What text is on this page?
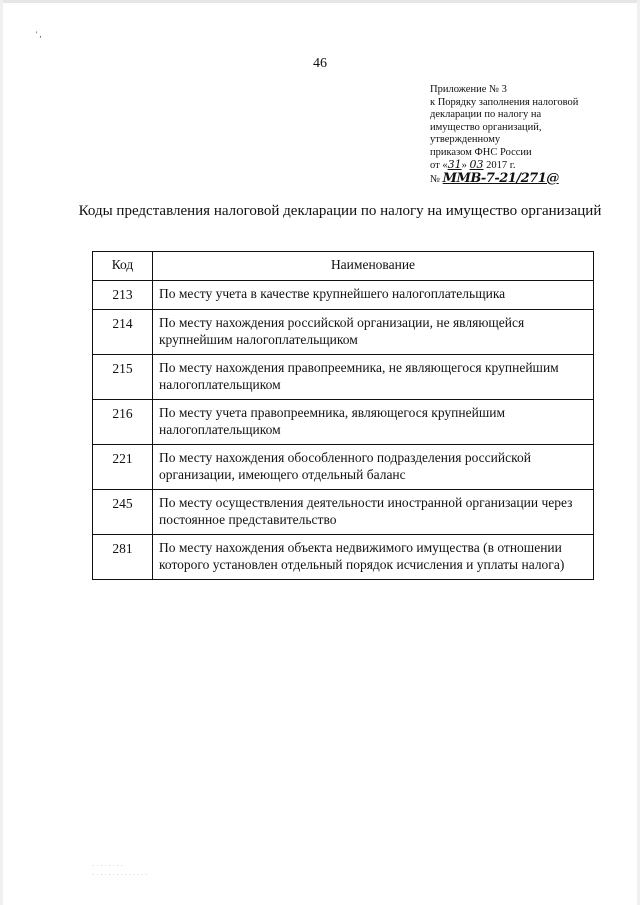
' ,
46
Приложение № 3
к Порядку заполнения налоговой
декларации по налогу на
имущество организаций,
утвержденному
приказом ФНС России
от «31» 03 2017 г.
№ ММВ-7-21/271@
Коды представления налоговой декларации по налогу на имущество организаций
Код	Наименование
213	По месту учета в качестве крупнейшего налогоплательщика
214	По месту нахождения российской организации, не являющейся крупнейшим налогоплательщиком
215	По месту нахождения правопреемника, не являющегося крупнейшим налогоплательщиком
216	По месту учета правопреемника, являющегося крупнейшим налогоплательщиком
221	По месту нахождения обособленного подразделения российской организации, имеющего отдельный баланс
245	По месту осуществления деятельности иностранной организации через постоянное представительство
281	По месту нахождения объекта недвижимого имущества (в отношении которого установлен отдельный порядок исчисления и уплаты налога)
· · · · · · · ·
· · · · · · · · · · · · · ·
